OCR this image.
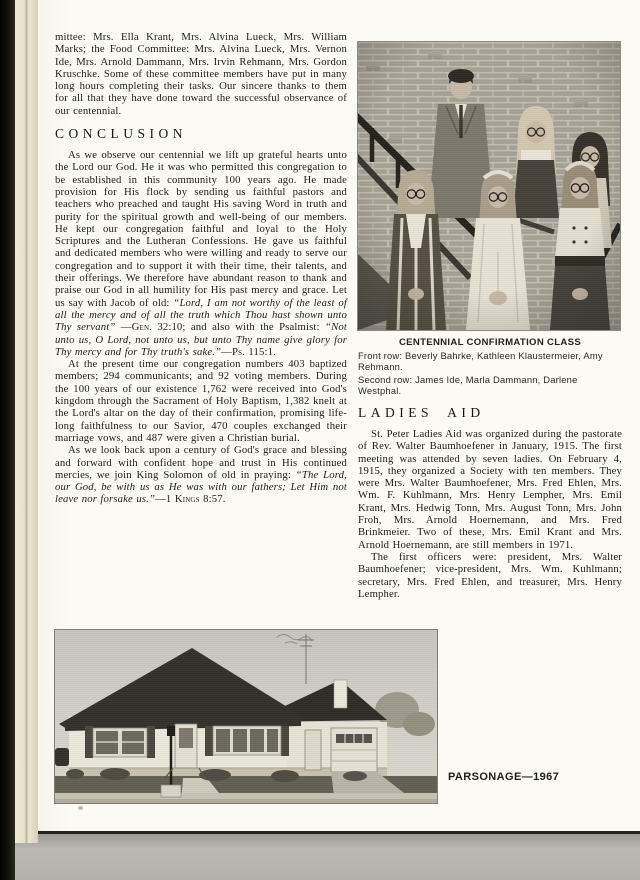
mittee: Mrs. Ella Krant, Mrs. Alvina Lueck, Mrs. William Marks; the Food Committee: Mrs. Alvina Lueck, Mrs. Vernon Ide, Mrs. Arnold Dammann, Mrs. Irvin Rehmann, Mrs. Gordon Kruschke. Some of these committee members have put in many long hours completing their tasks. Our sincere thanks to them for all that they have done toward the successful observance of our centennial.

CONCLUSION

As we observe our centennial we lift up grateful hearts unto the Lord our God. He it was who permitted this congregation to be established in this community 100 years ago. He made provision for His flock by sending us faithful pastors and teachers who preached and taught His saving Word in truth and purity for the spiritual growth and well-being of our members. He kept our congregation faithful and loyal to the Holy Scriptures and the Lutheran Confessions. He gave us faithful and dedicated members who were willing and ready to serve our congregation and to support it with their time, their talents, and their offerings. We therefore have abundant reason to thank and praise our God in all humility for His past mercy and grace. Let us say with Jacob of old: “Lord, I am not worthy of the least of all the mercy and of all the truth which Thou hast shown unto Thy servant” —Gen. 32:10; and also with the Psalmist: “Not unto us, O Lord, not unto us, but unto Thy name give glory for Thy mercy and for Thy truth's sake.”—Ps. 115:1.

At the present time our congregation numbers 403 baptized members; 294 communicants; and 92 voting members. During the 100 years of our existence 1,762 were received into God's kingdom through the Sacrament of Holy Baptism, 1,382 knelt at the Lord's altar on the day of their confirmation, promising life-long faithfulness to our Savior, 470 couples exchanged their marriage vows, and 487 were given a Christian burial.

As we look back upon a century of God's grace and blessing and forward with confident hope and trust in His continued mercies, we join King Solomon of old in praying: “The Lord, our God, be with us as He was with our fathers; Let Him not leave nor forsake us.”—1 Kings 8:57.

CENTENNIAL CONFIRMATION CLASS

Front row: Beverly Bahrke, Kathleen Klaustermeier, Amy Rehmann.

Second row: James Ide, Marla Dammann, Darlene Westphal.

LADIES AID

St. Peter Ladies Aid was organized during the pastorate of Rev. Walter Baumhoefener in January, 1915. The first meeting was attended by seven ladies. On February 4, 1915, they organized a Society with ten members. They were Mrs. Walter Baumhoefener, Mrs. Fred Ehlen, Mrs. Wm. F. Kuhlmann, Mrs. Henry Lempher, Mrs. Emil Krant, Mrs. Hedwig Tonn, Mrs. August Tonn, Mrs. John Froh, Mrs. Arnold Hoernemann, and Mrs. Fred Brinkmeier. Two of these, Mrs. Emil Krant and Mrs. Arnold Hoernemann, are still members in 1971.

The first officers were: president, Mrs. Walter Baumhoefener; vice-president, Mrs. Wm. Kuhlmann; secretary, Mrs. Fred Ehlen, and treasurer, Mrs. Henry Lempher.

PARSONAGE—1967
